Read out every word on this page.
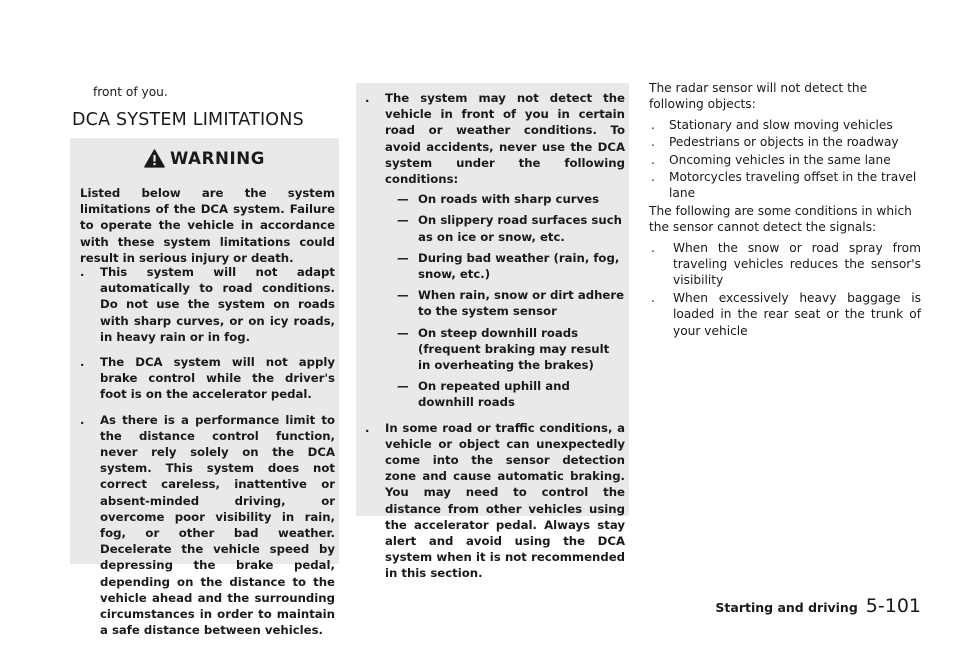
front of you.
DCA SYSTEM LIMITATIONS
WARNING
Listed below are the system limitations of the DCA system. Failure to operate the vehicle in accordance with these system limitations could result in serious injury or death.
. This system will not adapt automatically to road conditions. Do not use the system on roads with sharp curves, or on icy roads, in heavy rain or in fog.
. The DCA system will not apply brake control while the driver's foot is on the accelerator pedal.
. As there is a performance limit to the distance control function, never rely solely on the DCA system. This system does not correct careless, inattentive or absent-minded driving, or overcome poor visibility in rain, fog, or other bad weather. Decelerate the vehicle speed by depressing the brake pedal, depending on the distance to the vehicle ahead and the surrounding circumstances in order to maintain a safe distance between vehicles.
. The system may not detect the vehicle in front of you in certain road or weather conditions. To avoid accidents, never use the DCA system under the following conditions:
— On roads with sharp curves
— On slippery road surfaces such as on ice or snow, etc.
— During bad weather (rain, fog, snow, etc.)
— When rain, snow or dirt adhere to the system sensor
— On steep downhill roads (frequent braking may result in overheating the brakes)
— On repeated uphill and downhill roads
. In some road or traffic conditions, a vehicle or object can unexpectedly come into the sensor detection zone and cause automatic braking. You may need to control the distance from other vehicles using the accelerator pedal. Always stay alert and avoid using the DCA system when it is not recommended in this section.

The radar sensor will not detect the following objects:

. Stationary and slow moving vehicles
. Pedestrians or objects in the roadway
. Oncoming vehicles in the same lane
. Motorcycles traveling offset in the travel lane

The following are some conditions in which the sensor cannot detect the signals:

. When the snow or road spray from traveling vehicles reduces the sensor's visibility
. When excessively heavy baggage is loaded in the rear seat or the trunk of your vehicle
Starting and driving 5-101
